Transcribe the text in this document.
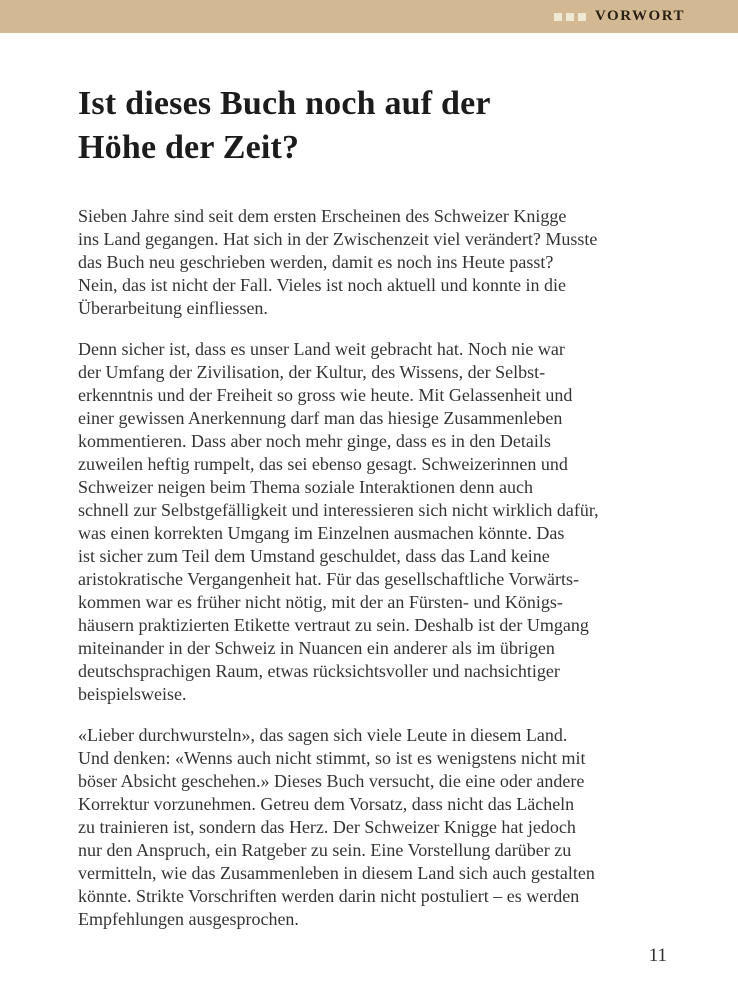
VORWORT
Ist dieses Buch noch auf der
Höhe der Zeit?

Sieben Jahre sind seit dem ersten Erscheinen des Schweizer Knigge
ins Land gegangen. Hat sich in der Zwischenzeit viel verändert? Musste
das Buch neu geschrieben werden, damit es noch ins Heute passt?
Nein, das ist nicht der Fall. Vieles ist noch aktuell und konnte in die
Überarbeitung einfliessen.

Denn sicher ist, dass es unser Land weit gebracht hat. Noch nie war
der Umfang der Zivilisation, der Kultur, des Wissens, der Selbst-
erkenntnis und der Freiheit so gross wie heute. Mit Gelassenheit und
einer gewissen Anerkennung darf man das hiesige Zusammenleben
kommentieren. Dass aber noch mehr ginge, dass es in den Details
zuweilen heftig rumpelt, das sei ebenso gesagt. Schweizerinnen und
Schweizer neigen beim Thema soziale Interaktionen denn auch
schnell zur Selbstgefälligkeit und interessieren sich nicht wirklich dafür,
was einen korrekten Umgang im Einzelnen ausmachen könnte. Das
ist sicher zum Teil dem Umstand geschuldet, dass das Land keine
aristokratische Vergangenheit hat. Für das gesellschaftliche Vorwärts-
kommen war es früher nicht nötig, mit der an Fürsten- und Königs-
häusern praktizierten Etikette vertraut zu sein. Deshalb ist der Umgang
miteinander in der Schweiz in Nuancen ein anderer als im übrigen
deutschsprachigen Raum, etwas rücksichtsvoller und nachsichtiger
beispielsweise.

«Lieber durchwursteln», das sagen sich viele Leute in diesem Land.
Und denken: «Wenns auch nicht stimmt, so ist es wenigstens nicht mit
böser Absicht geschehen.» Dieses Buch versucht, die eine oder andere
Korrektur vorzunehmen. Getreu dem Vorsatz, dass nicht das Lächeln
zu trainieren ist, sondern das Herz. Der Schweizer Knigge hat jedoch
nur den Anspruch, ein Ratgeber zu sein. Eine Vorstellung darüber zu
vermitteln, wie das Zusammenleben in diesem Land sich auch gestalten
könnte. Strikte Vorschriften werden darin nicht postuliert – es werden
Empfehlungen ausgesprochen.

11
